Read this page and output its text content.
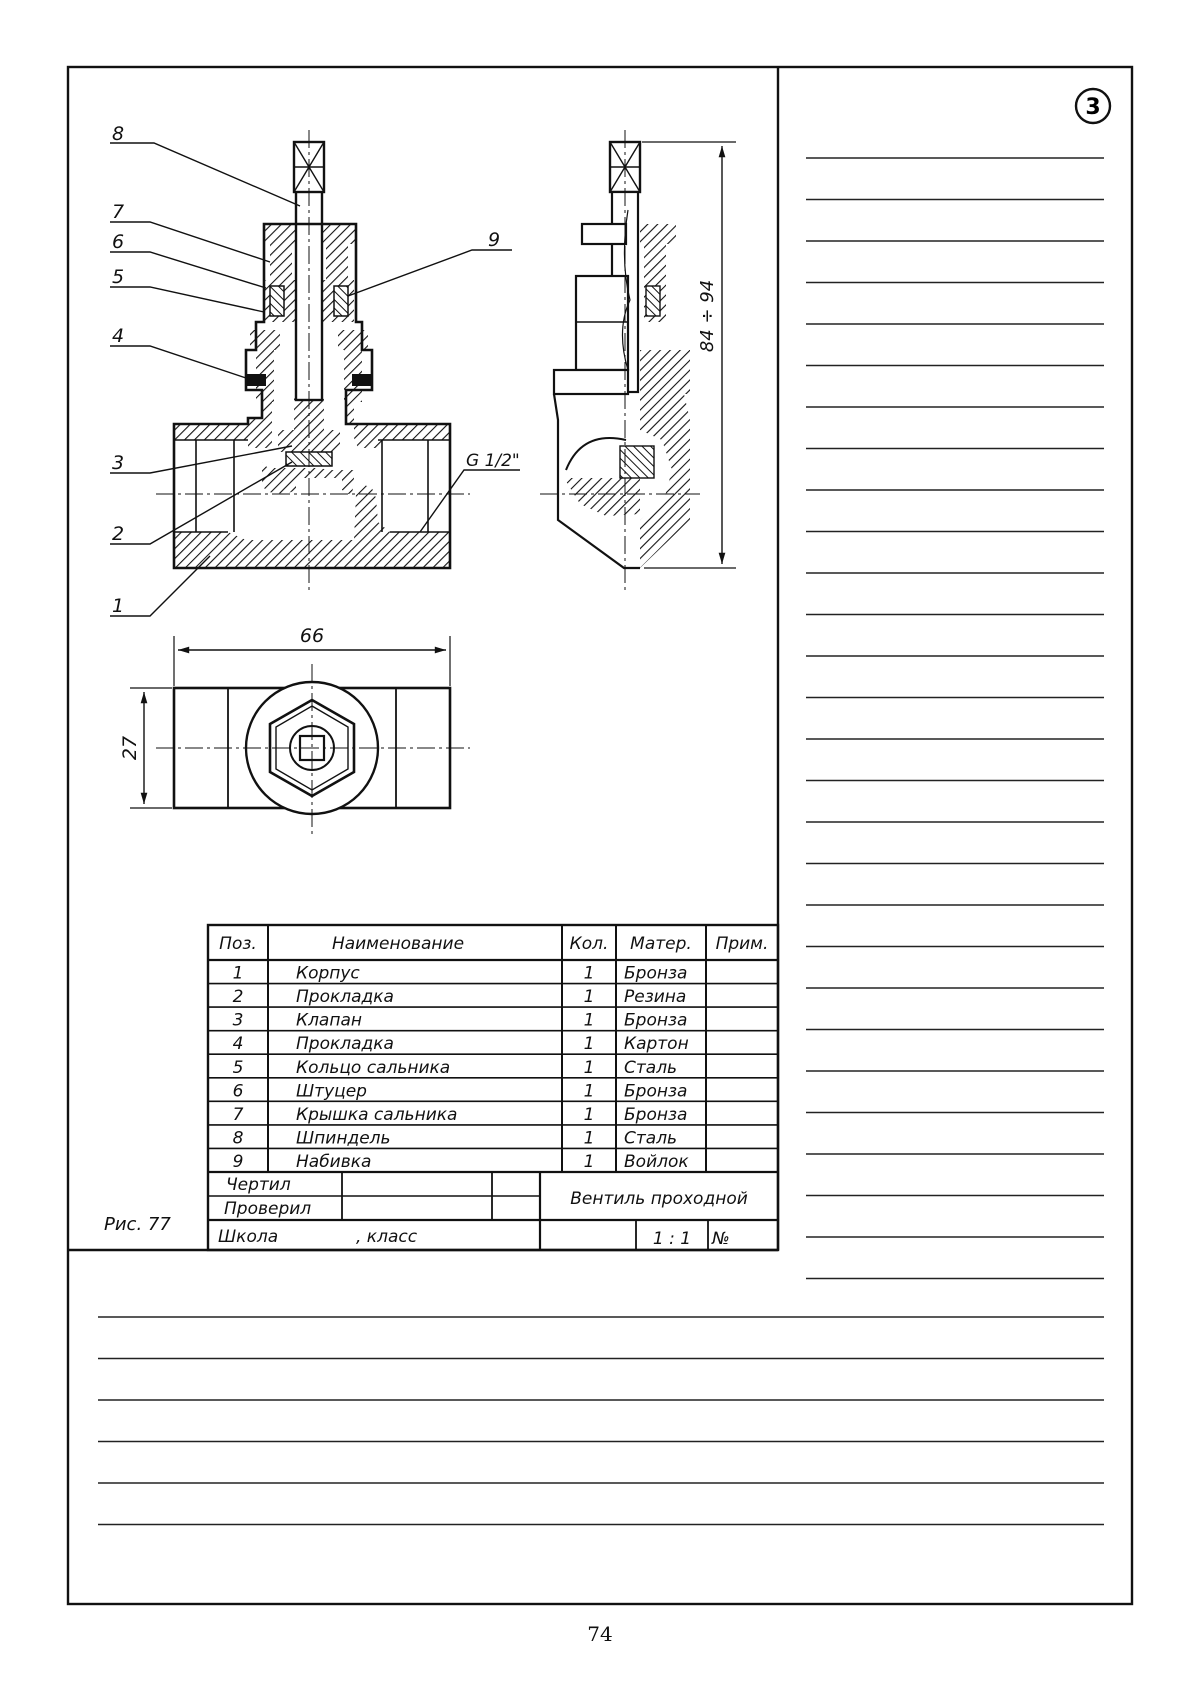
3
8
7
6
5
4
3
2
1
9
G 1/2"
84 ÷ 94
66
27
Поз.	Наименование	Кол. Матер. Прим.
1	Корпус	1 Бронза
2	Прокладка	1 Резина
3	Клапан	1 Бронза
4	Прокладка	1 Картон
5	Кольцо сальника	1 Сталь
6	Штуцер	1 Бронза
7	Крышка сальника	1 Бронза
8	Шпиндель	1 Сталь
9	Набивка	1 Войлок
Чертил
Проверил	Вентиль проходной
Школа	, класс	1 : 1 №
Рис. 77
74
